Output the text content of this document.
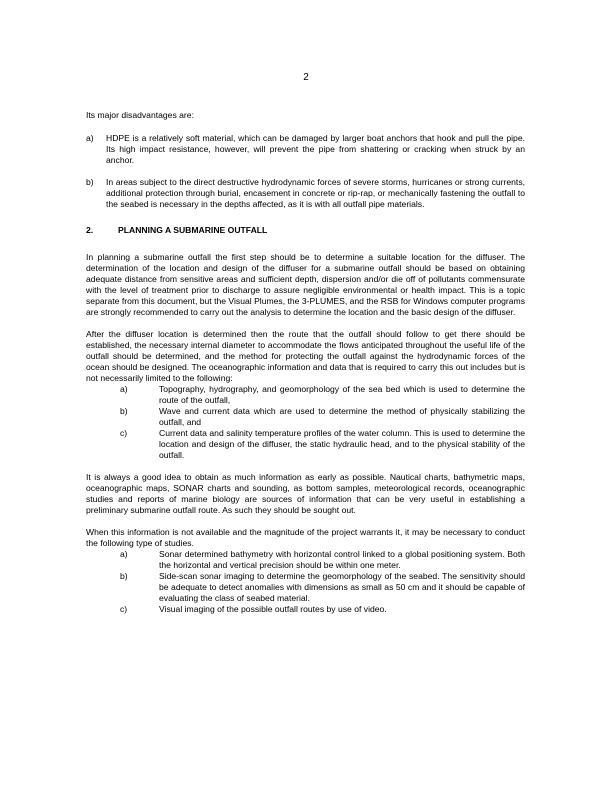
2

Its major disadvantages are:

a)	HDPE is a relatively soft material, which can be damaged by larger boat anchors that hook and pull the pipe. Its high impact resistance, however, will prevent the pipe from shattering or cracking when struck by an anchor.
b)	In areas subject to the direct destructive hydrodynamic forces of severe storms, hurricanes or strong currents, additional protection through burial, encasement in concrete or rip-rap, or mechanically fastening the outfall to the seabed is necessary in the depths affected, as it is with all outfall pipe materials.
2.	PLANNING A SUBMARINE OUTFALL

In planning a submarine outfall the first step should be to determine a suitable location for the diffuser. The determination of the location and design of the diffuser for a submarine outfall should be based on obtaining adequate distance from sensitive areas and sufficient depth, dispersion and/or die off of pollutants commensurate with the level of treatment prior to discharge to assure negligible environmental or health impact. This is a topic separate from this document, but the Visual Plumes, the 3-PLUMES, and the RSB for Windows computer programs are strongly recommended to carry out the analysis to determine the location and the basic design of the diffuser.

After the diffuser location is determined then the route that the outfall should follow to get there should be established, the necessary internal diameter to accommodate the flows anticipated throughout the useful life of the outfall should be determined, and the method for protecting the outfall against the hydrodynamic forces of the ocean should be designed. The oceanographic information and data that is required to carry this out includes but is not necessarily limited to the following:

a)	Topography, hydrography, and geomorphology of the sea bed which is used to determine the route of the outfall,
b)	Wave and current data which are used to determine the method of physically stabilizing the outfall, and
c)	Current data and salinity temperature profiles of the water column. This is used to determine the location and design of the diffuser, the static hydraulic head, and to the physical stability of the outfall.

It is always a good idea to obtain as much information as early as possible. Nautical charts, bathymetric maps, oceanographic maps, SONAR charts and sounding, as bottom samples, meteorological records, oceanographic studies and reports of marine biology are sources of information that can be very useful in establishing a preliminary submarine outfall route. As such they should be sought out.

When this information is not available and the magnitude of the project warrants it, it may be necessary to conduct the following type of studies.

a)	Sonar determined bathymetry with horizontal control linked to a global positioning system. Both the horizontal and vertical precision should be within one meter.
b)	Side-scan sonar imaging to determine the geomorphology of the seabed. The sensitivity should be adequate to detect anomalies with dimensions as small as 50 cm and it should be capable of evaluating the class of seabed material.
c)	Visual imaging of the possible outfall routes by use of video.
